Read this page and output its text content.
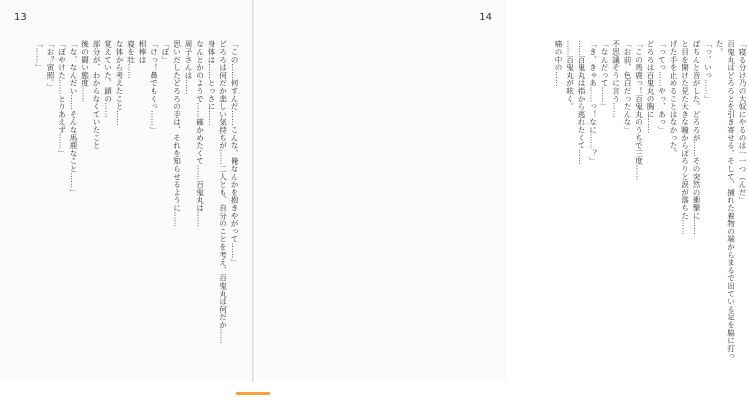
13
「この……何すんだ……こんな、俺なんかを抱きやがって……」
どろろは何だか悲しい気持ちが……二人とも、自分のことを考え、百鬼丸は何だか……
身体は……とっさに……
なんとかのようで……確かめたくて……百鬼丸は……
周子さんは……
思いだしたどろろの手は、それを知らせるように……
「ぼ」
「けっ！鼻でもくっ……」
相棒は
寝を壮……
な体から考えたこと……
覚えていた。鎖の……
部分が、わからなくていたこと
後の闘い態度……
「な、なんだい……そんな馬鹿なこと……」
「ぼやけた……とりあえず……」
「お？寅照。」
「……」
14
「寝る分け乃の大奴にやるのは一一つ（んだ」
百鬼丸はどろろとを引き寄せる。そして、捕れた着物の端からまるで出ている足を脇に打った。
「っ、いっ……」
ばちんと音がした。どろろが……その突然の衝撃に……
と目を開けた見た大きな瞳からぽろりと涙が落ちた……
げた手を止めることはなかった。
「ってっ……やっ、あっ」
どろろは百鬼丸の胸に……
「この馬鹿っ！百鬼丸のうちで三度……
「お前、色白だったんな」
不思議そうに言う……
「なんだって……」
「き、きゃあ……っ！なに……？」
……百鬼丸は指から逃れたくて……
……百鬼丸が呟く。
痛の中の……
